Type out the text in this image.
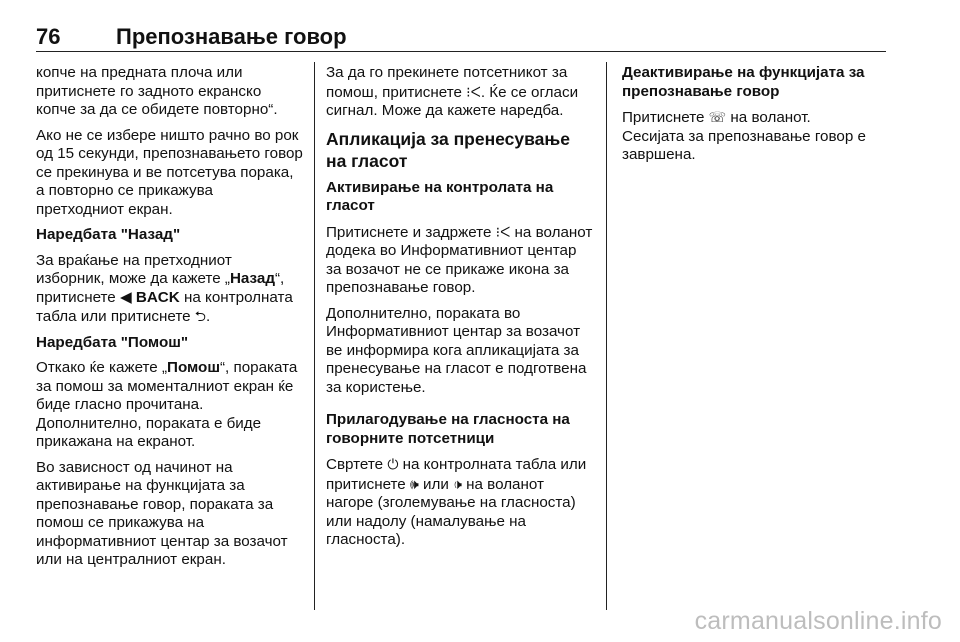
76	Препознавање говор

копче на предната плоча или притиснете го задното екранско копче за да се обидете повторно“.

Ако не се избере ништо рачно во рок од 15 секунди, препознавањето говор се прекинува и ве потсетува порака, а повторно се прикажува претходниот екран.

Наредбата "Назад"

За враќање на претходниот изборник, може да кажете „Назад“, притиснете ◀ BACK на контролната табла или притиснете ⮌.

Наредбата "Помош"

Откако ќе кажете „Помош“, пораката за помош за моменталниот екран ќе биде гласно прочитана. Дополнително, пораката е биде прикажана на екранот.

Во зависност од начинот на активирање на функцијата за препознавање говор, пораката за помош се прикажува на информативниот центар за возачот или на централниот екран.

За да го прекинете потсетникот за помош, притиснете ⁝ᐸ. Ќе се огласи сигнал. Може да кажете наредба.

Апликација за пренесување на гласот

Активирање на контролата на гласот

Притиснете и задржете ⁝ᐸ на воланот додека во Информативниот центар за возачот не се прикаже икона за препознавање говор.

Дополнително, пораката во Информативниот центар за возачот ве информира кога апликацијата за пренесување на гласот е подготвена за користење.

Прилагодување на гласноста на говорните потсетници

Свртете ⏻ на контролната табла или притиснете 🕪 или 🕩 на воланот нагоре (зголемување на гласноста) или надолу (намалување на гласноста).

Деактивирање на функцијата за препознавање говор

Притиснете ☏ на воланот.

Сесијата за препознавање говор е завршена.

carmanualsonline.info
